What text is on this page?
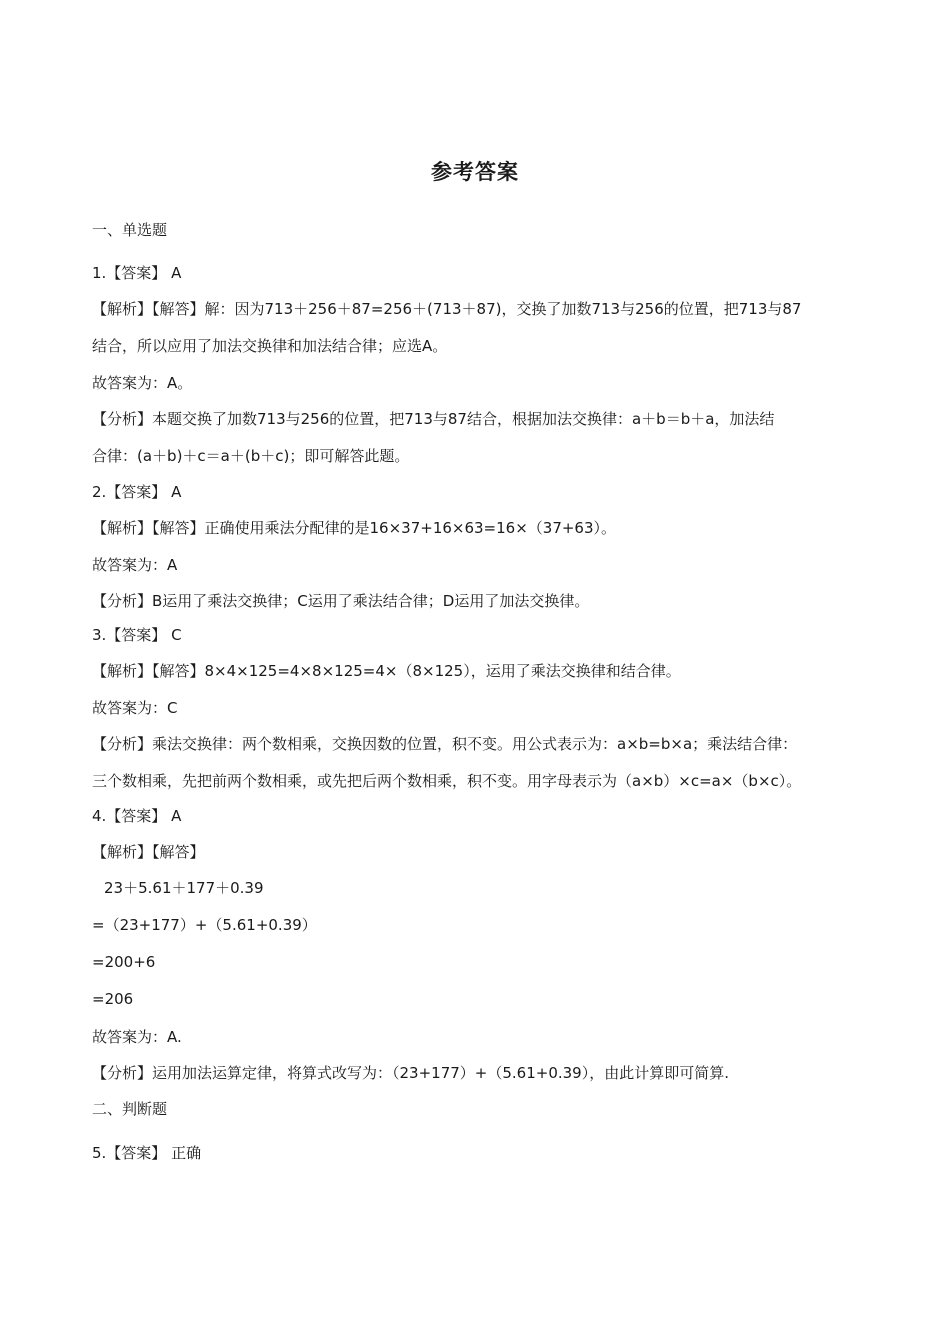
参考答案
一、单选题
1.【答案】 A
【解析】【解答】解：因为713＋256＋87=256＋(713＋87)，交换了加数713与256的位置，把713与87
结合，所以应用了加法交换律和加法结合律；应选A。
故答案为：A。
【分析】本题交换了加数713与256的位置，把713与87结合，根据加法交换律：a＋b＝b＋a，加法结
合律：(a＋b)＋c＝a＋(b＋c)；即可解答此题。
2.【答案】 A
【解析】【解答】正确使用乘法分配律的是16×37+16×63=16×（37+63）。
故答案为：A
【分析】B运用了乘法交换律；C运用了乘法结合律；D运用了加法交换律。
3.【答案】 C
【解析】【解答】8×4×125=4×8×125=4×（8×125），运用了乘法交换律和结合律。
故答案为：C
【分析】乘法交换律：两个数相乘，交换因数的位置，积不变。用公式表示为：a×b=b×a；乘法结合律：
三个数相乘，先把前两个数相乘，或先把后两个数相乘，积不变。用字母表示为（a×b）×c=a×（b×c）。
4.【答案】 A
【解析】【解答】
23＋5.61＋177＋0.39
=（23+177）+（5.61+0.39）
=200+6
=206
故答案为：A.
【分析】运用加法运算定律，将算式改写为：（23+177）+（5.61+0.39），由此计算即可简算.
二、判断题
5.【答案】 正确
